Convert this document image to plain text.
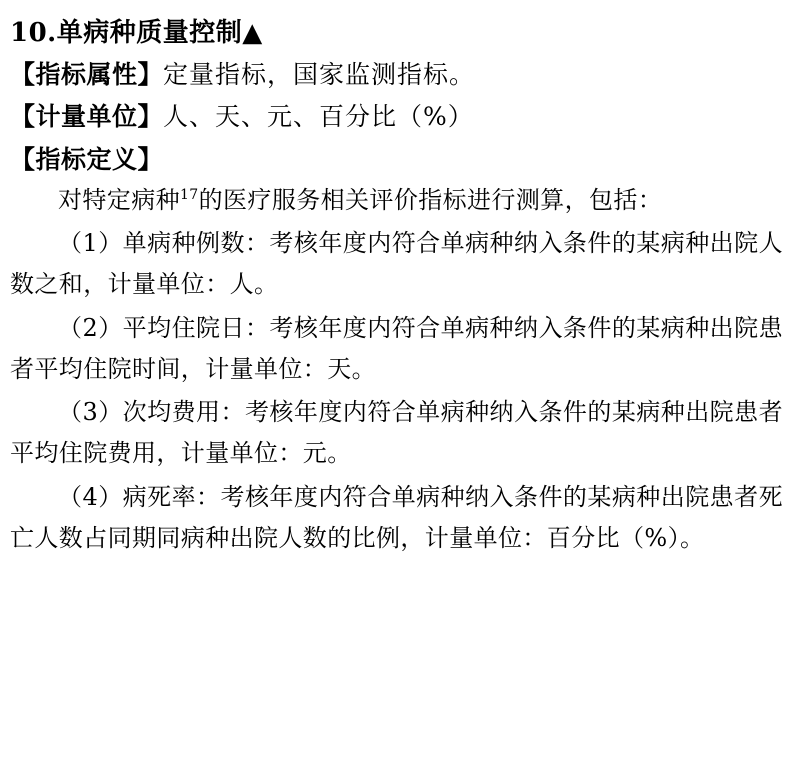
10.单病种质量控制▲
【指标属性】定量指标，国家监测指标。
【计量单位】人、天、元、百分比（%）
【指标定义】

对特定病种$^{17}$的医疗服务相关评价指标进行测算，包括：

（1）单病种例数：考核年度内符合单病种纳入条件的某病种出院人数之和，计量单位：人。

（2）平均住院日：考核年度内符合单病种纳入条件的某病种出院患者平均住院时间，计量单位：天。

（3）次均费用：考核年度内符合单病种纳入条件的某病种出院患者平均住院费用，计量单位：元。

（4）病死率：考核年度内符合单病种纳入条件的某病种出院患者死亡人数占同期同病种出院人数的比例，计量单位：百分比（%）。
